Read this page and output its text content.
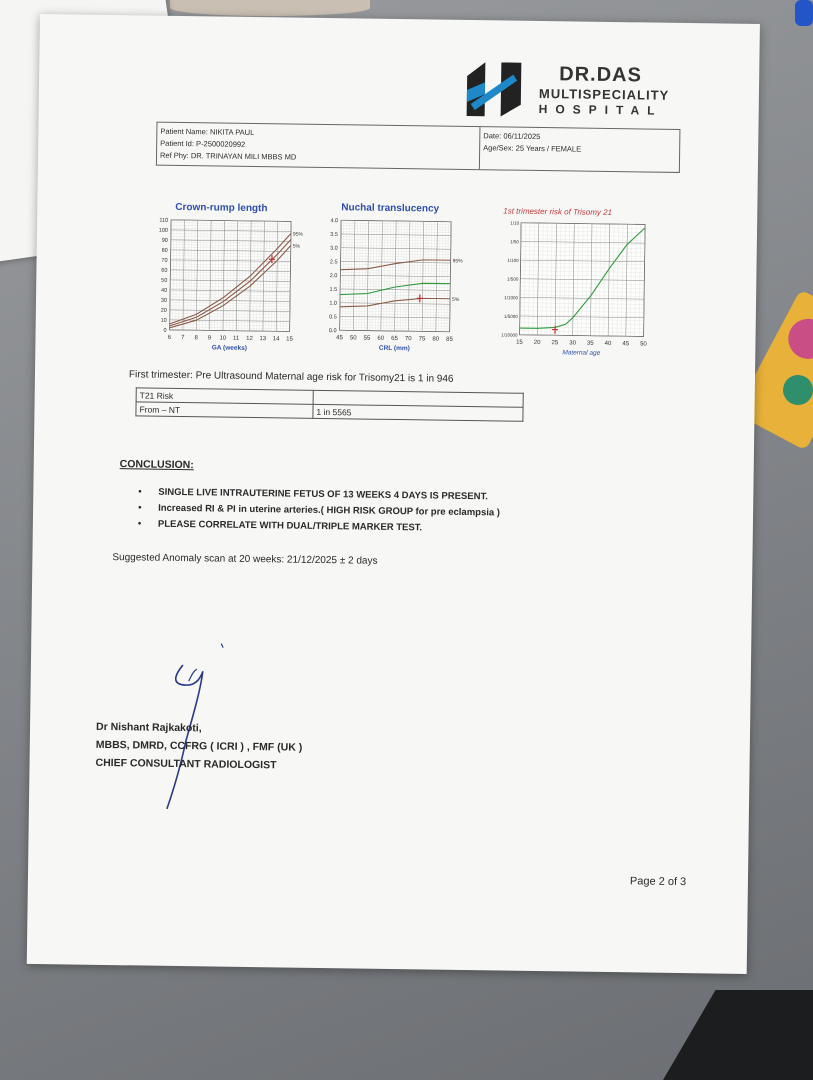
DR.DAS
MULTISPECIALITY
HOSPITAL
Patient Name: NIKITA PAUL
Patient Id: P-2500020992
Ref Phy: DR. TRINAYAN MILI MBBS MD
Date: 06/11/2025
Age/Sex: 25 Years / FEMALE
Crown-rump length
6 7 8 9 10 11 12 13 14 15
0
10
20
30
40
50
60
70
80
90
100
110
95%
5%
GA (weeks)
Nuchal translucency
45 50 55 60 65 70 75 80 85
0.0
0.5
1.0
1.5
2.0
2.5
3.0
3.5
4.0
95%
5%
CRL (mm)
1st trimester risk of Trisomy 21
15 20 25 30 35 40 45 50
1/10000
1/5000
1/1000
1/500
1/100
1/50
1/10
Maternal age
First trimester: Pre Ultrasound Maternal age risk for Trisomy21 is 1 in 946
T21 Risk	
From – NT	1 in 5565
CONCLUSION:
• SINGLE LIVE INTRAUTERINE FETUS OF 13 WEEKS 4 DAYS IS PRESENT.
• Increased RI & PI in uterine arteries.( HIGH RISK GROUP for pre eclampsia )
• PLEASE CORRELATE WITH DUAL/TRIPLE MARKER TEST.
Suggested Anomaly scan at 20 weeks: 21/12/2025 ± 2 days
Dr Nishant Rajkakoti,
MBBS, DMRD, CCFRG ( ICRI ) , FMF (UK )
CHIEF CONSULTANT RADIOLOGIST
Page 2 of 3
